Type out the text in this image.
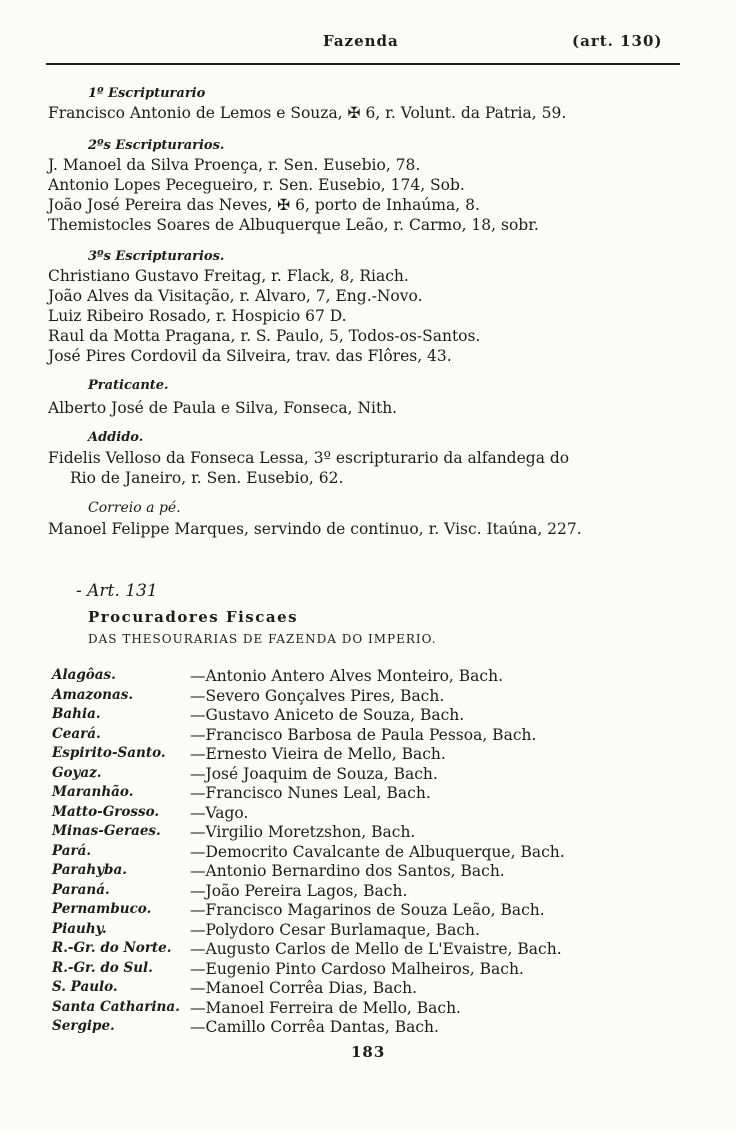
Fazenda	(art. 130)
1º Escripturario
Francisco Antonio de Lemos e Souza, ✠ 6, r. Volunt. da Patria, 59.
2ºs Escripturarios.
J. Manoel da Silva Proença, r. Sen. Eusebio, 78.
Antonio Lopes Pecegueiro, r. Sen. Eusebio, 174, Sob.
João José Pereira das Neves, ✠ 6, porto de Inhaúma, 8.
Themistocles Soares de Albuquerque Leão, r. Carmo, 18, sobr.
3ºs Escripturarios.
Christiano Gustavo Freitag, r. Flack, 8, Riach.
João Alves da Visitação, r. Alvaro, 7, Eng.-Novo.
Luiz Ribeiro Rosado, r. Hospicio 67 D.
Raul da Motta Pragana, r. S. Paulo, 5, Todos-os-Santos.
José Pires Cordovil da Silveira, trav. das Flôres, 43.
Praticante.
Alberto José de Paula e Silva, Fonseca, Nith.
Addido.
Fidelis Velloso da Fonseca Lessa, 3º escripturario da alfandega do
Rio de Janeiro, r. Sen. Eusebio, 62.
Correio a pé.
Manoel Felippe Marques, servindo de continuo, r. Visc. Itaúna, 227.
- Art. 131
Procuradores Fiscaes
DAS THESOURARIAS DE FAZENDA DO IMPERIO.
Alagôas.	—Antonio Antero Alves Monteiro, Bach.
Amazonas.	—Severo Gonçalves Pires, Bach.
Bahia.	—Gustavo Aniceto de Souza, Bach.
Ceará.	—Francisco Barbosa de Paula Pessoa, Bach.
Espirito-Santo. —Ernesto Vieira de Mello, Bach.
Goyaz.	—José Joaquim de Souza, Bach.
Maranhão.	—Francisco Nunes Leal, Bach.
Matto-Grosso. —Vago.
Minas-Geraes. —Virgilio Moretzshon, Bach.
Pará.	—Democrito Cavalcante de Albuquerque, Bach.
Parahyba.	—Antonio Bernardino dos Santos, Bach.
Paraná.	—João Pereira Lagos, Bach.
Pernambuco. —Francisco Magarinos de Souza Leão, Bach.
Piauhy.	—Polydoro Cesar Burlamaque, Bach.
R.-Gr. do Norte. —Augusto Carlos de Mello de L'Evaistre, Bach.
R.-Gr. do Sul. —Eugenio Pinto Cardoso Malheiros, Bach.
S. Paulo.	—Manoel Corrêa Dias, Bach.
Santa Catharina. —Manoel Ferreira de Mello, Bach.
Sergipe.	—Camillo Corrêa Dantas, Bach.
183
